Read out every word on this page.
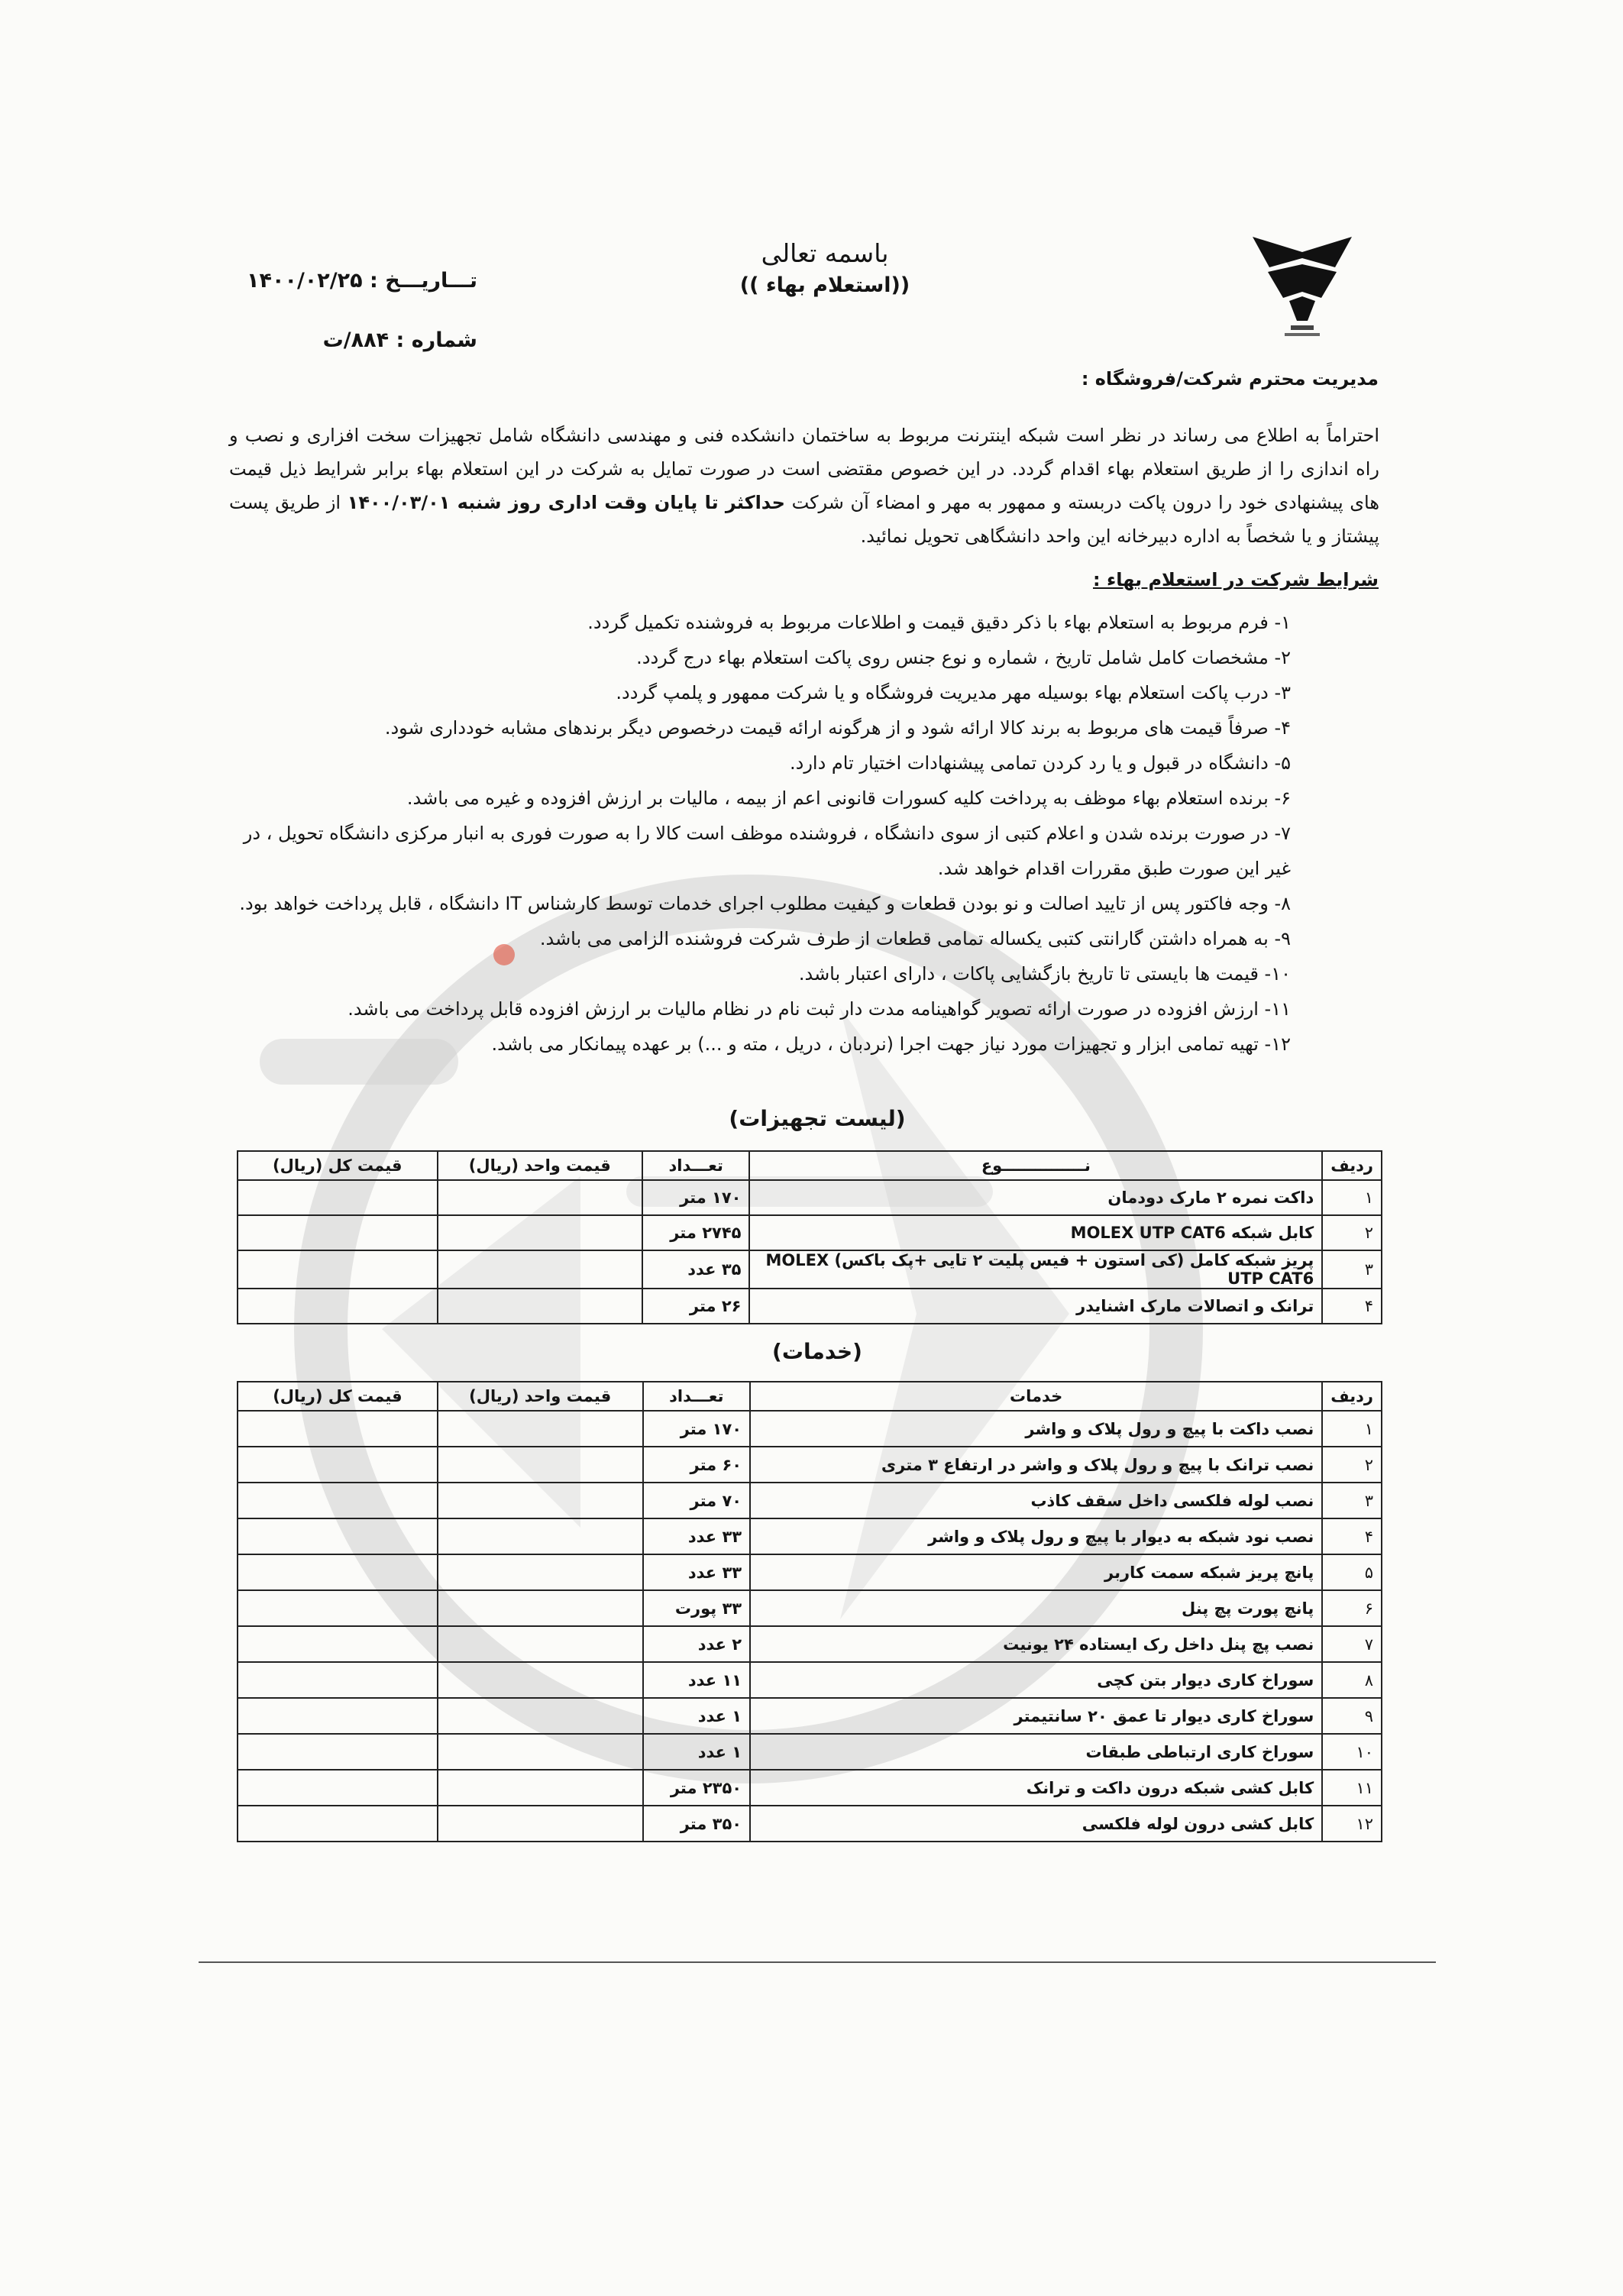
باسمه تعالی
(( استعلام بهاء))
تـــاریـــخ : ۱۴۰۰/۰۲/۲۵
شماره : ۸۸۴/ت
مدیریت محترم شرکت/فروشگاه :
احتراماً به اطلاع می رساند در نظر است شبکه اینترنت مربوط به ساختمان دانشکده فنی و مهندسی دانشگاه شامل تجهیزات سخت افزاری و نصب و راه اندازی را از طریق استعلام بهاء اقدام گردد. در این خصوص مقتضی است در صورت تمایل به شرکت در این استعلام بهاء برابر شرایط ذیل قیمت های پیشنهادی خود را درون پاکت دربسته و ممهور به مهر و امضاء آن شرکت حداکثر تا پایان وقت اداری روز شنبه ۱۴۰۰/۰۳/۰۱ از طریق پست پیشتاز و یا شخصاً به اداره دبیرخانه این واحد دانشگاهی تحویل نمائید.
شرایط شرکت در استعلام بهاء :
۱- فرم مربوط به استعلام بهاء با ذکر دقیق قیمت و اطلاعات مربوط به فروشنده تکمیل گردد.
۲- مشخصات کامل شامل تاریخ ، شماره و نوع جنس روی پاکت استعلام بهاء درج گردد.
۳- درب پاکت استعلام بهاء بوسیله مهر مدیریت فروشگاه و یا شرکت ممهور و پلمپ گردد.
۴- صرفاً قیمت های مربوط به برند کالا ارائه شود و از هرگونه ارائه قیمت درخصوص دیگر برندهای مشابه خودداری شود.
۵- دانشگاه در قبول و یا رد کردن تمامی پیشنهادات اختیار تام دارد.
۶- برنده استعلام بهاء موظف به پرداخت کلیه کسورات قانونی اعم از بیمه ، مالیات بر ارزش افزوده و غیره می باشد.
۷- در صورت برنده شدن و اعلام کتبی از سوی دانشگاه ، فروشنده موظف است کالا را به صورت فوری به انبار مرکزی دانشگاه تحویل ، در غیر این صورت طبق مقررات اقدام خواهد شد.
۸- وجه فاکتور پس از تایید اصالت و نو بودن قطعات و کیفیت مطلوب اجرای خدمات توسط کارشناس IT دانشگاه ، قابل پرداخت خواهد بود.
۹- به همراه داشتن گارانتی کتبی یکساله تمامی قطعات از طرف شرکت فروشنده الزامی می باشد.
۱۰- قیمت ها بایستی تا تاریخ بازگشایی پاکات ، دارای اعتبار باشد.
۱۱- ارزش افزوده در صورت ارائه تصویر گواهینامه مدت دار ثبت نام در نظام مالیات بر ارزش افزوده قابل پرداخت می باشد.
۱۲- تهیه تمامی ابزار و تجهیزات مورد نیاز جهت اجرا (نردبان ، دریل ، مته و ...) بر عهده پیمانکار می باشد.
(لیست تجهیزات)
ردیف	نـــــــــــــــوع	تعـــداد	قیمت واحد (ریال)	قیمت کل (ریال)
۱	داکت نمره ۲ مارک دودمان	۱۷۰ متر		
۲	کابل شبکه MOLEX UTP CAT6	۲۷۴۵ متر		
۳	پریز شبکه کامل (کی استون + فیس پلیت ۲ تایی +پک باکس) MOLEX UTP CAT6	۳۵ عدد		
۴	ترانک و اتصالات مارک اشنایدر	۲۶ متر		
(خدمات)
ردیف	خدمات	تعـــداد	قیمت واحد (ریال)	قیمت کل (ریال)
۱	نصب داکت با پیچ و رول پلاک و واشر	۱۷۰ متر		
۲	نصب ترانک با پیچ و رول پلاک و واشر در ارتفاع ۳ متری	۶۰ متر		
۳	نصب لوله فلکسی داخل سقف کاذب	۷۰ متر		
۴	نصب نود شبکه به دیوار با پیچ و رول پلاک و واشر	۳۳ عدد		
۵	پانچ پریز شبکه سمت کاربر	۳۳ عدد		
۶	پانچ پورت پچ پنل	۳۳ پورت		
۷	نصب پچ پنل داخل رک ایستاده ۲۴ یونیت	۲ عدد		
۸	سوراخ کاری دیوار بتن کچی	۱۱ عدد		
۹	سوراخ کاری دیوار تا عمق ۲۰ سانتیمتر	۱ عدد		
۱۰	سوراخ کاری ارتباطی طبقات	۱ عدد		
۱۱	کابل کشی شبکه درون داکت و ترانک	۲۳۵۰ متر		
۱۲	کابل کشی درون لوله فلکسی	۳۵۰ متر		
